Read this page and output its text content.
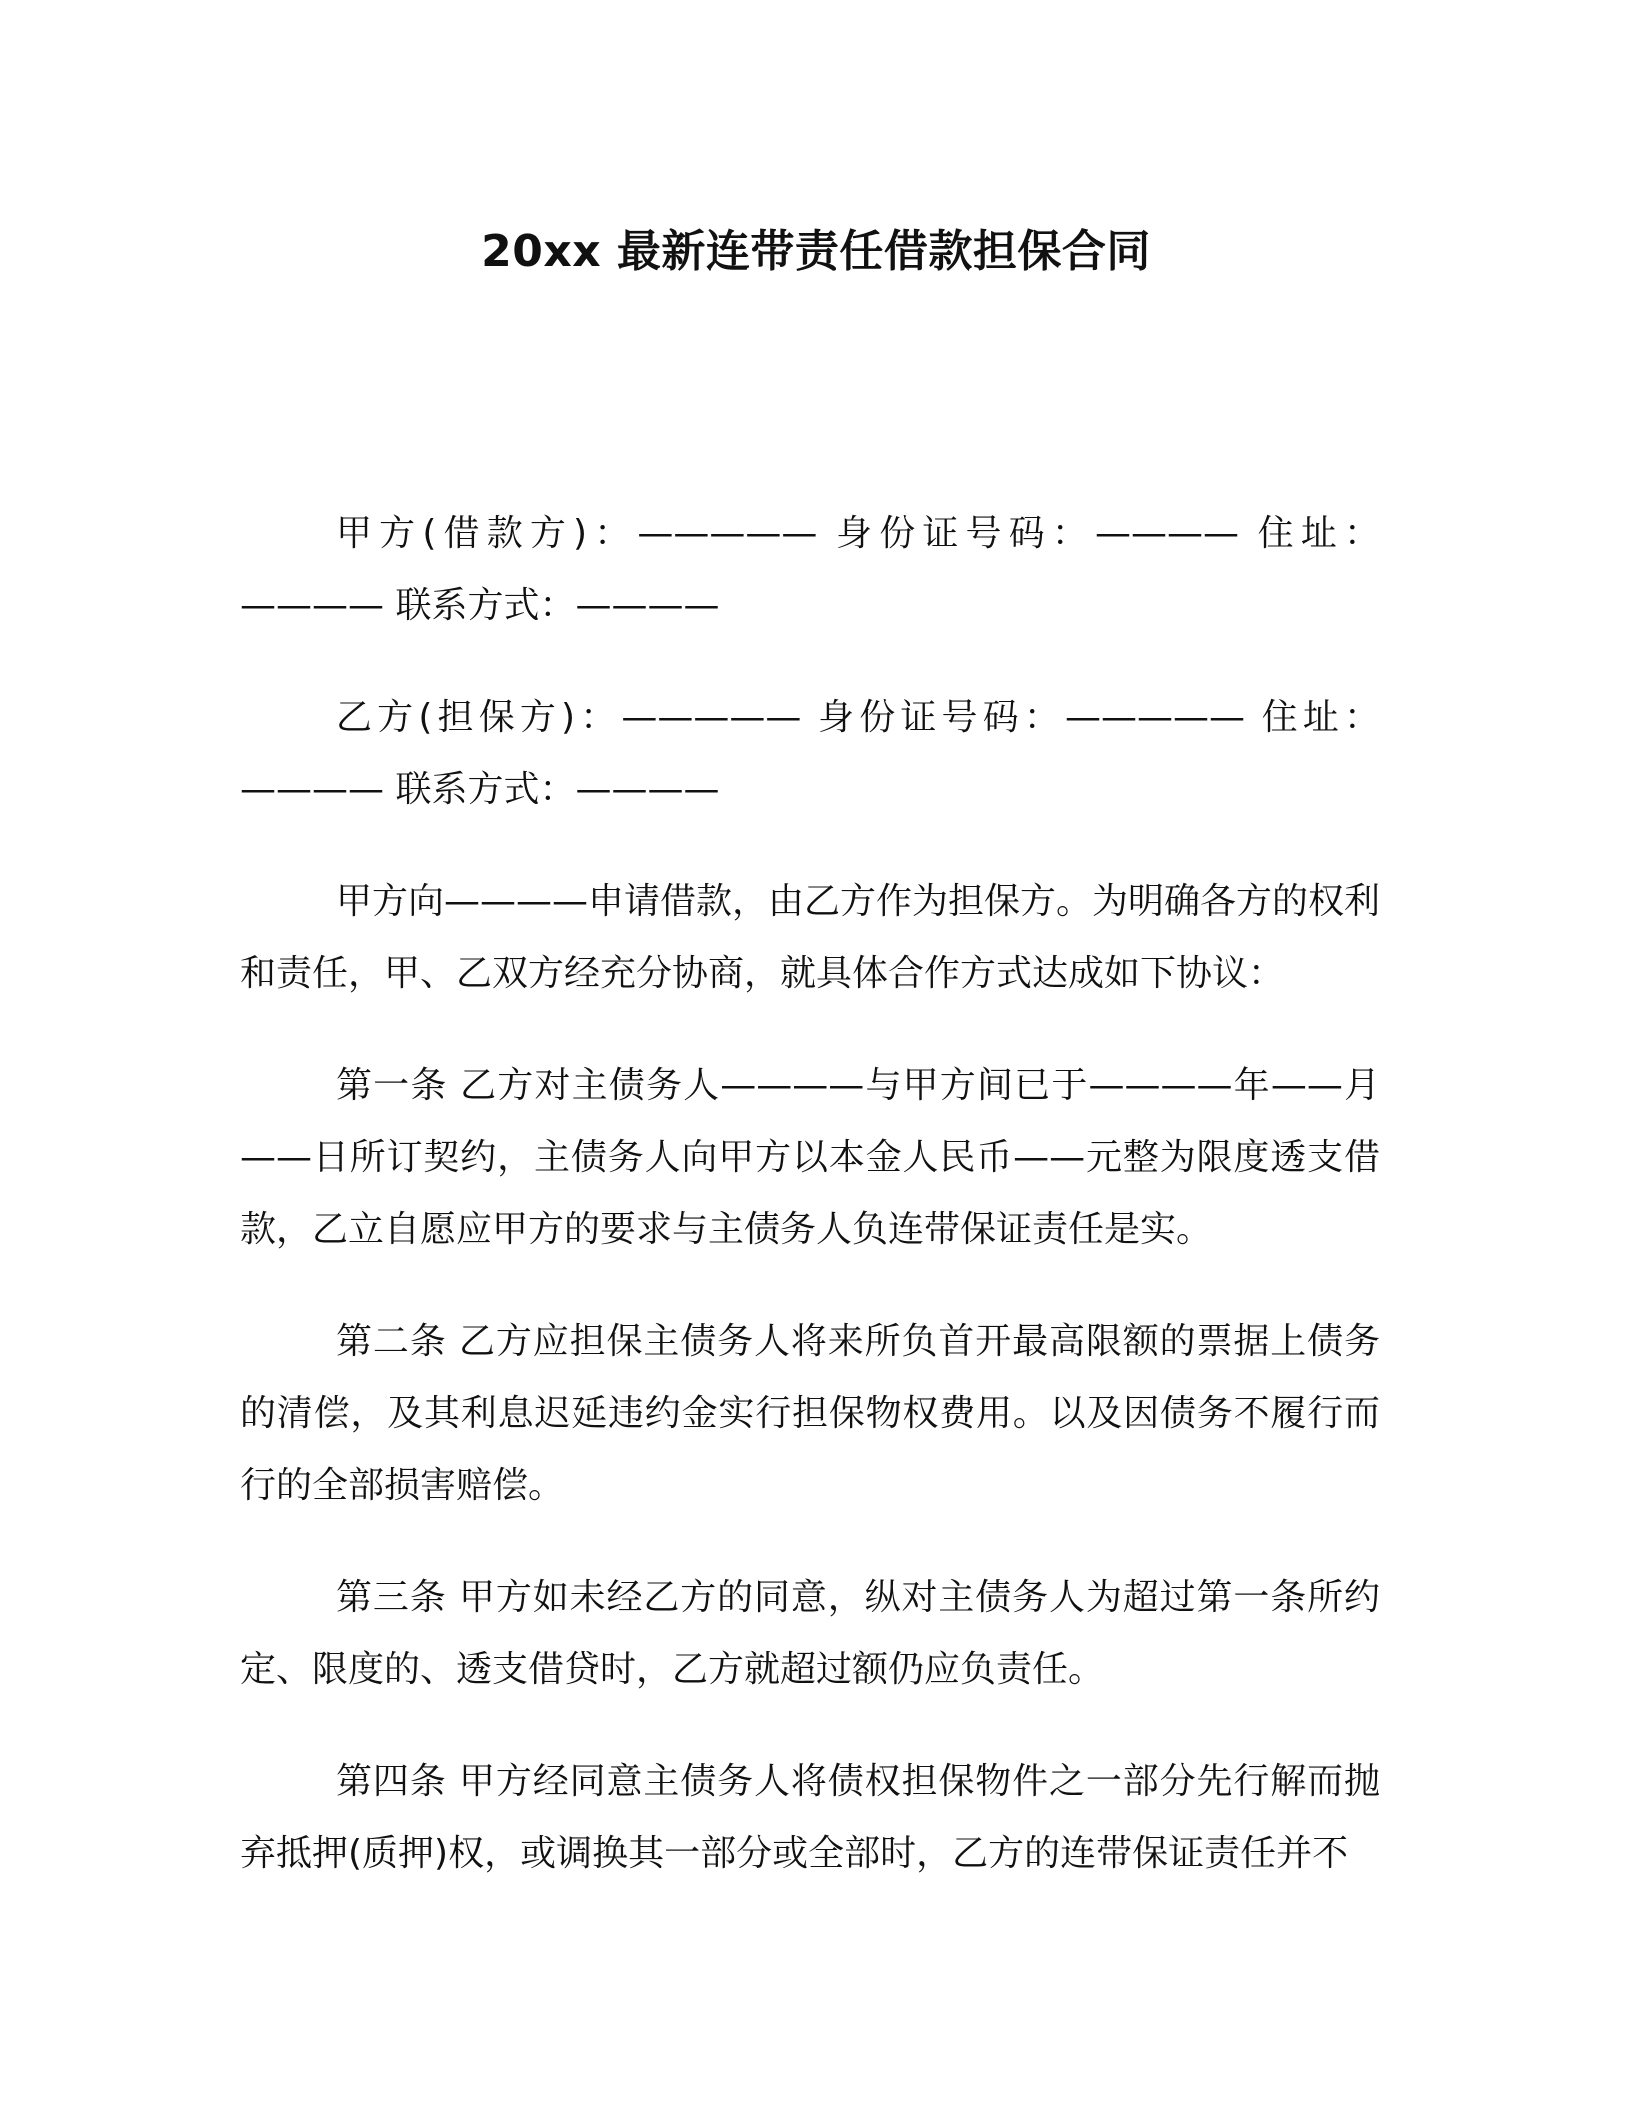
20xx 最新连带责任借款担保合同

甲方(借款方)：————— 身份证号码：———— 住址：———— 联系方式：————

乙方(担保方)：————— 身份证号码：————— 住址：———— 联系方式：————

甲方向————申请借款，由乙方作为担保方。为明确各方的权利和责任，甲、乙双方经充分协商，就具体合作方式达成如下协议：

第一条 乙方对主债务人————与甲方间已于————年——月——日所订契约，主债务人向甲方以本金人民币——元整为限度透支借款，乙立自愿应甲方的要求与主债务人负连带保证责任是实。

第二条 乙方应担保主债务人将来所负首开最高限额的票据上债务的清偿，及其利息迟延违约金实行担保物权费用。以及因债务不履行而行的全部损害赔偿。

第三条 甲方如未经乙方的同意，纵对主债务人为超过第一条所约定、限度的、透支借贷时，乙方就超过额仍应负责任。

第四条 甲方经同意主债务人将债权担保物件之一部分先行解而抛弃抵押(质押)权，或调换其一部分或全部时，乙方的连带保证责任并不
